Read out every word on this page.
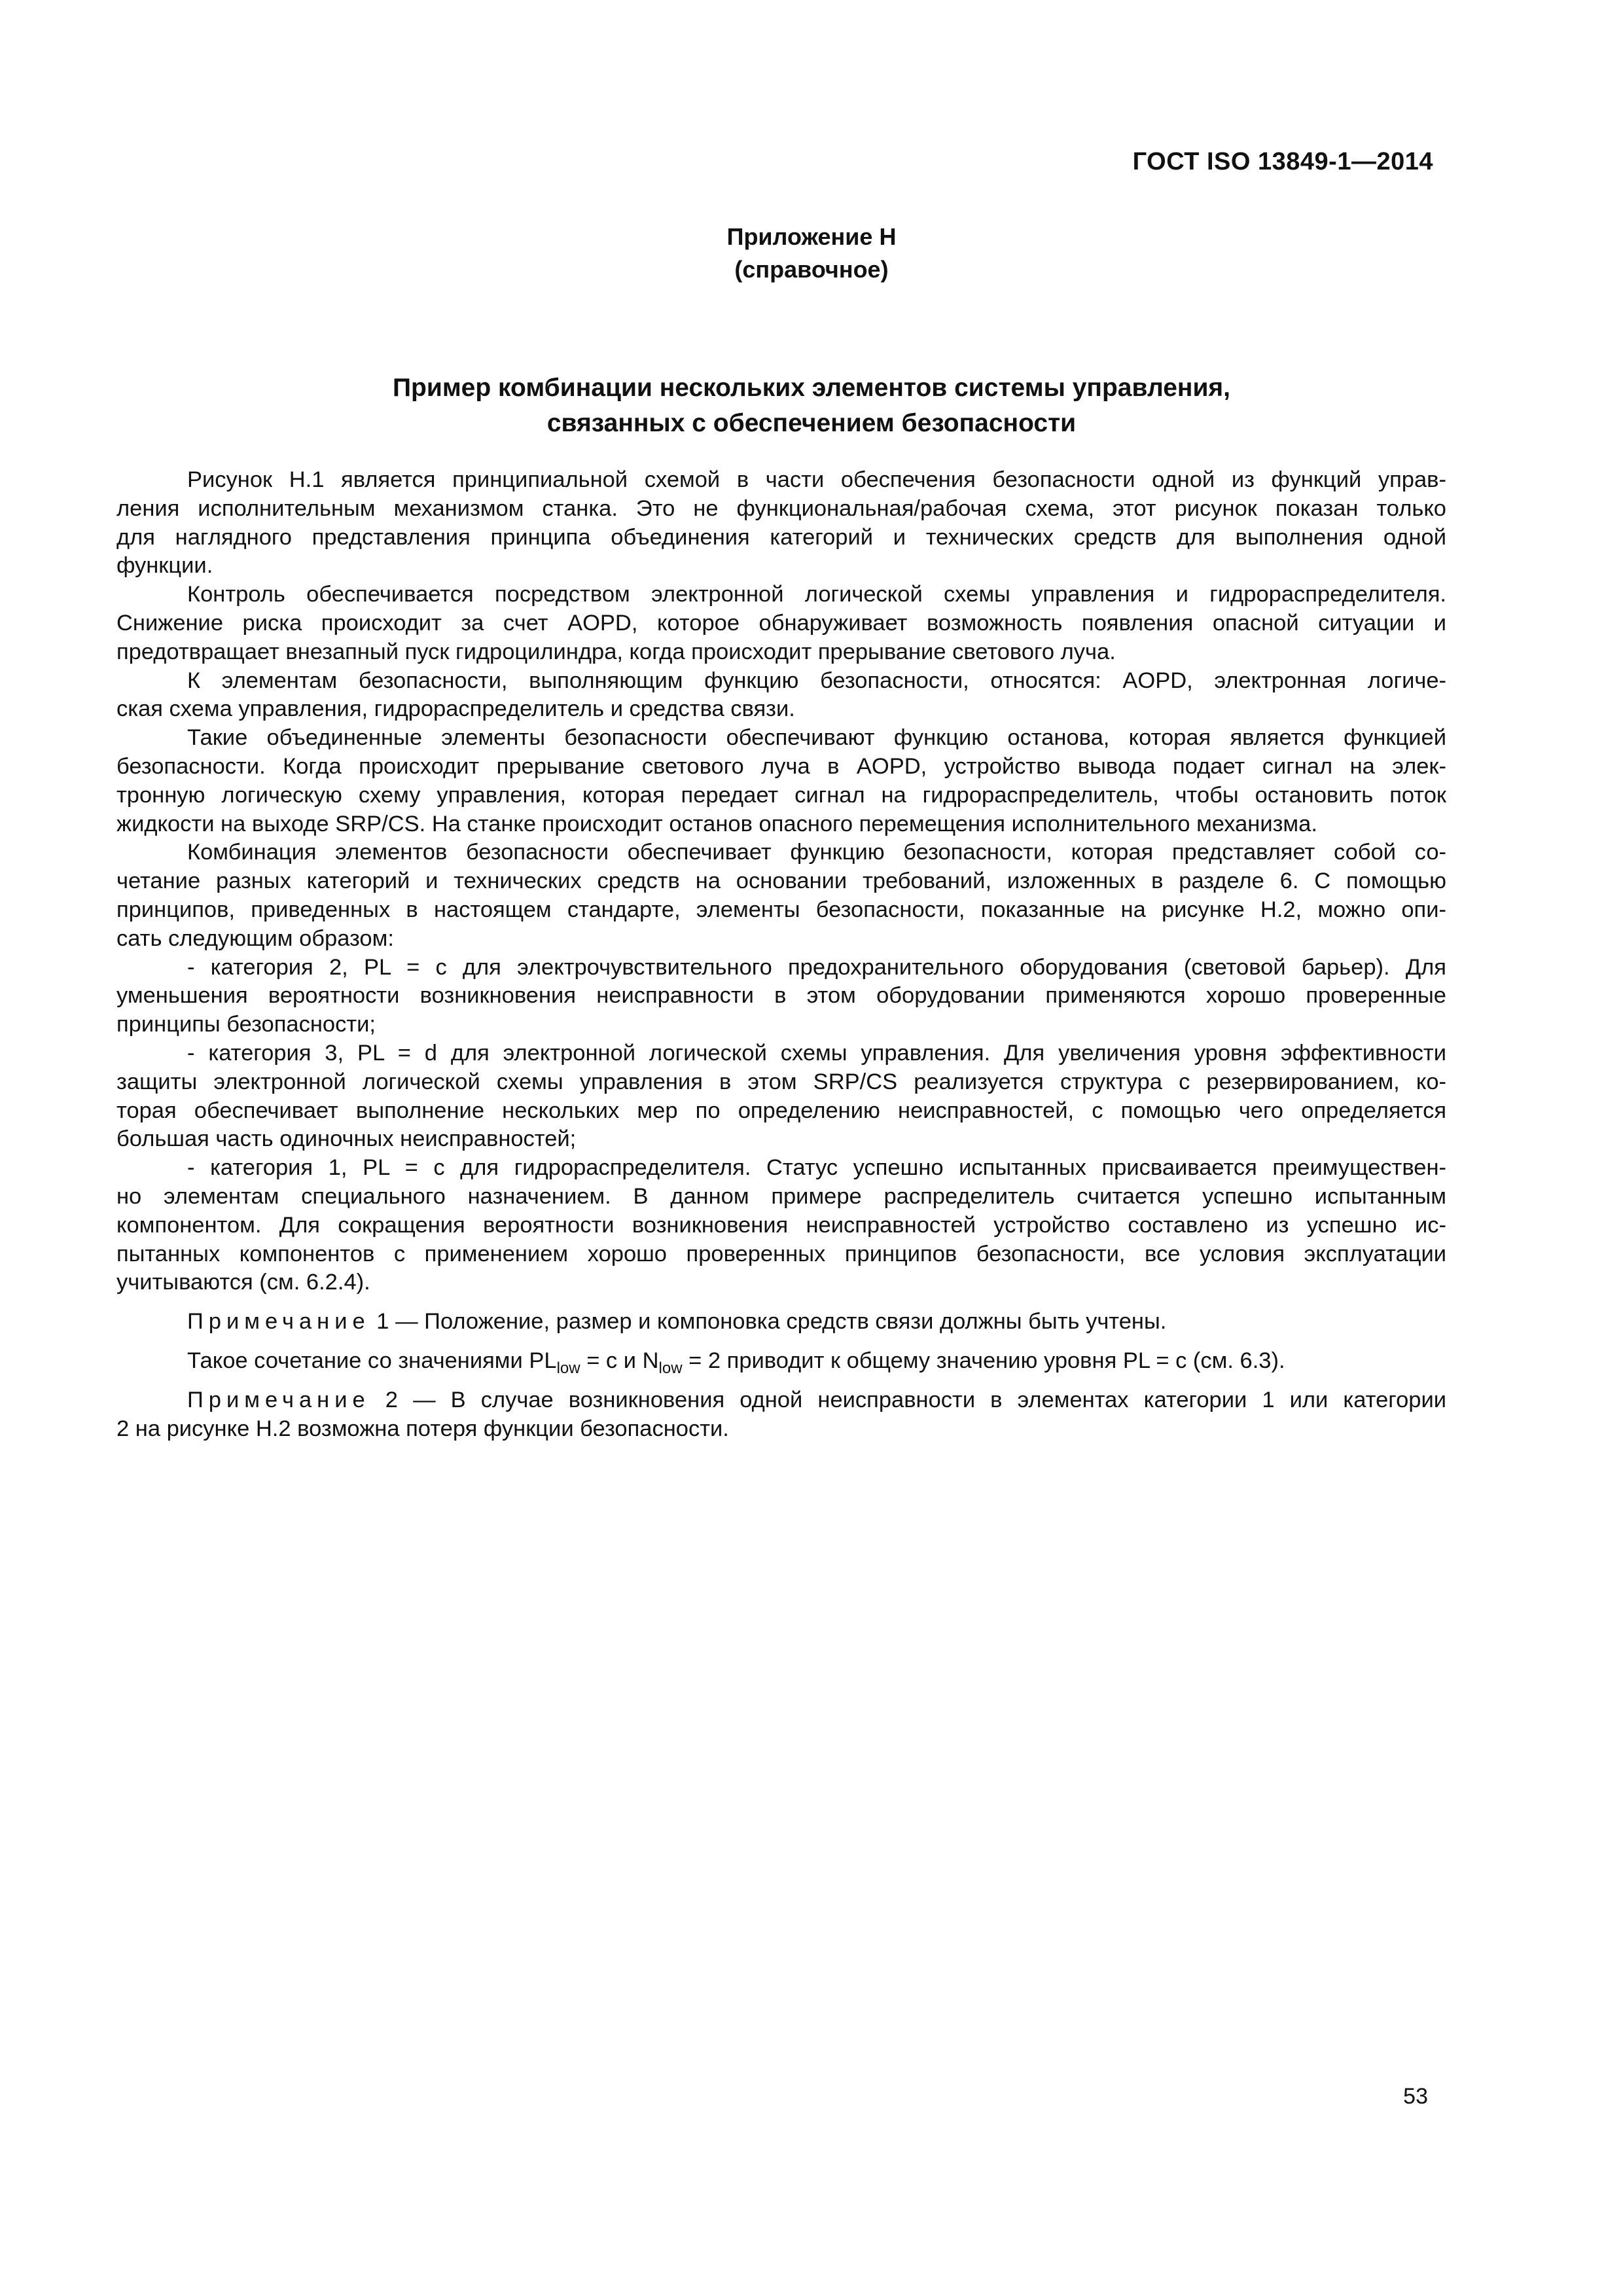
ГОСТ ISO 13849-1—2014
Приложение Н
(справочное)
Пример комбинации нескольких элементов системы управления,
связанных с обеспечением безопасности

Рисунок Н.1 является принципиальной схемой в части обеспечения безопасности одной из функций управ-
ления исполнительным механизмом станка. Это не функциональная/рабочая схема, этот рисунок показан только
для наглядного представления принципа объединения категорий и технических средств для выполнения одной
функции.

Контроль обеспечивается посредством электронной логической схемы управления и гидрораспределителя.
Снижение риска происходит за счет AOPD, которое обнаруживает возможность появления опасной ситуации и
предотвращает внезапный пуск гидроцилиндра, когда происходит прерывание светового луча.

К элементам безопасности, выполняющим функцию безопасности, относятся: AOPD, электронная логиче-
ская схема управления, гидрораспределитель и средства связи.

Такие объединенные элементы безопасности обеспечивают функцию останова, которая является функцией
безопасности. Когда происходит прерывание светового луча в AOPD, устройство вывода подает сигнал на элек-
тронную логическую схему управления, которая передает сигнал на гидрораспределитель, чтобы остановить поток
жидкости на выходе SRP/CS. На станке происходит останов опасного перемещения исполнительного механизма.

Комбинация элементов безопасности обеспечивает функцию безопасности, которая представляет собой со-
четание разных категорий и технических средств на основании требований, изложенных в разделе 6. С помощью
принципов, приведенных в настоящем стандарте, элементы безопасности, показанные на рисунке Н.2, можно опи-
сать следующим образом:

- категория 2, PL = c для электрочувствительного предохранительного оборудования (световой барьер). Для
уменьшения вероятности возникновения неисправности в этом оборудовании применяются хорошо проверенные
принципы безопасности;

- категория 3, PL = d для электронной логической схемы управления. Для увеличения уровня эффективности
защиты электронной логической схемы управления в этом SRP/CS реализуется структура с резервированием, ко-
торая обеспечивает выполнение нескольких мер по определению неисправностей, с помощью чего определяется
большая часть одиночных неисправностей;

- категория 1, PL = c для гидрораспределителя. Статус успешно испытанных присваивается преимуществен-
но элементам специального назначением. В данном примере распределитель считается успешно испытанным
компонентом. Для сокращения вероятности возникновения неисправностей устройство составлено из успешно ис-
пытанных компонентов с применением хорошо проверенных принципов безопасности, все условия эксплуатации
учитываются (см. 6.2.4).

Примечание 1 — Положение, размер и компоновка средств связи должны быть учтены.

Такое сочетание со значениями $PL_{low} = c$ и $N_{low} = 2$ приводит к общему значению уровня PL = c (см. 6.3).

Примечание 2 — В случае возникновения одной неисправности в элементах категории 1 или категории
2 на рисунке Н.2 возможна потеря функции безопасности.

53
